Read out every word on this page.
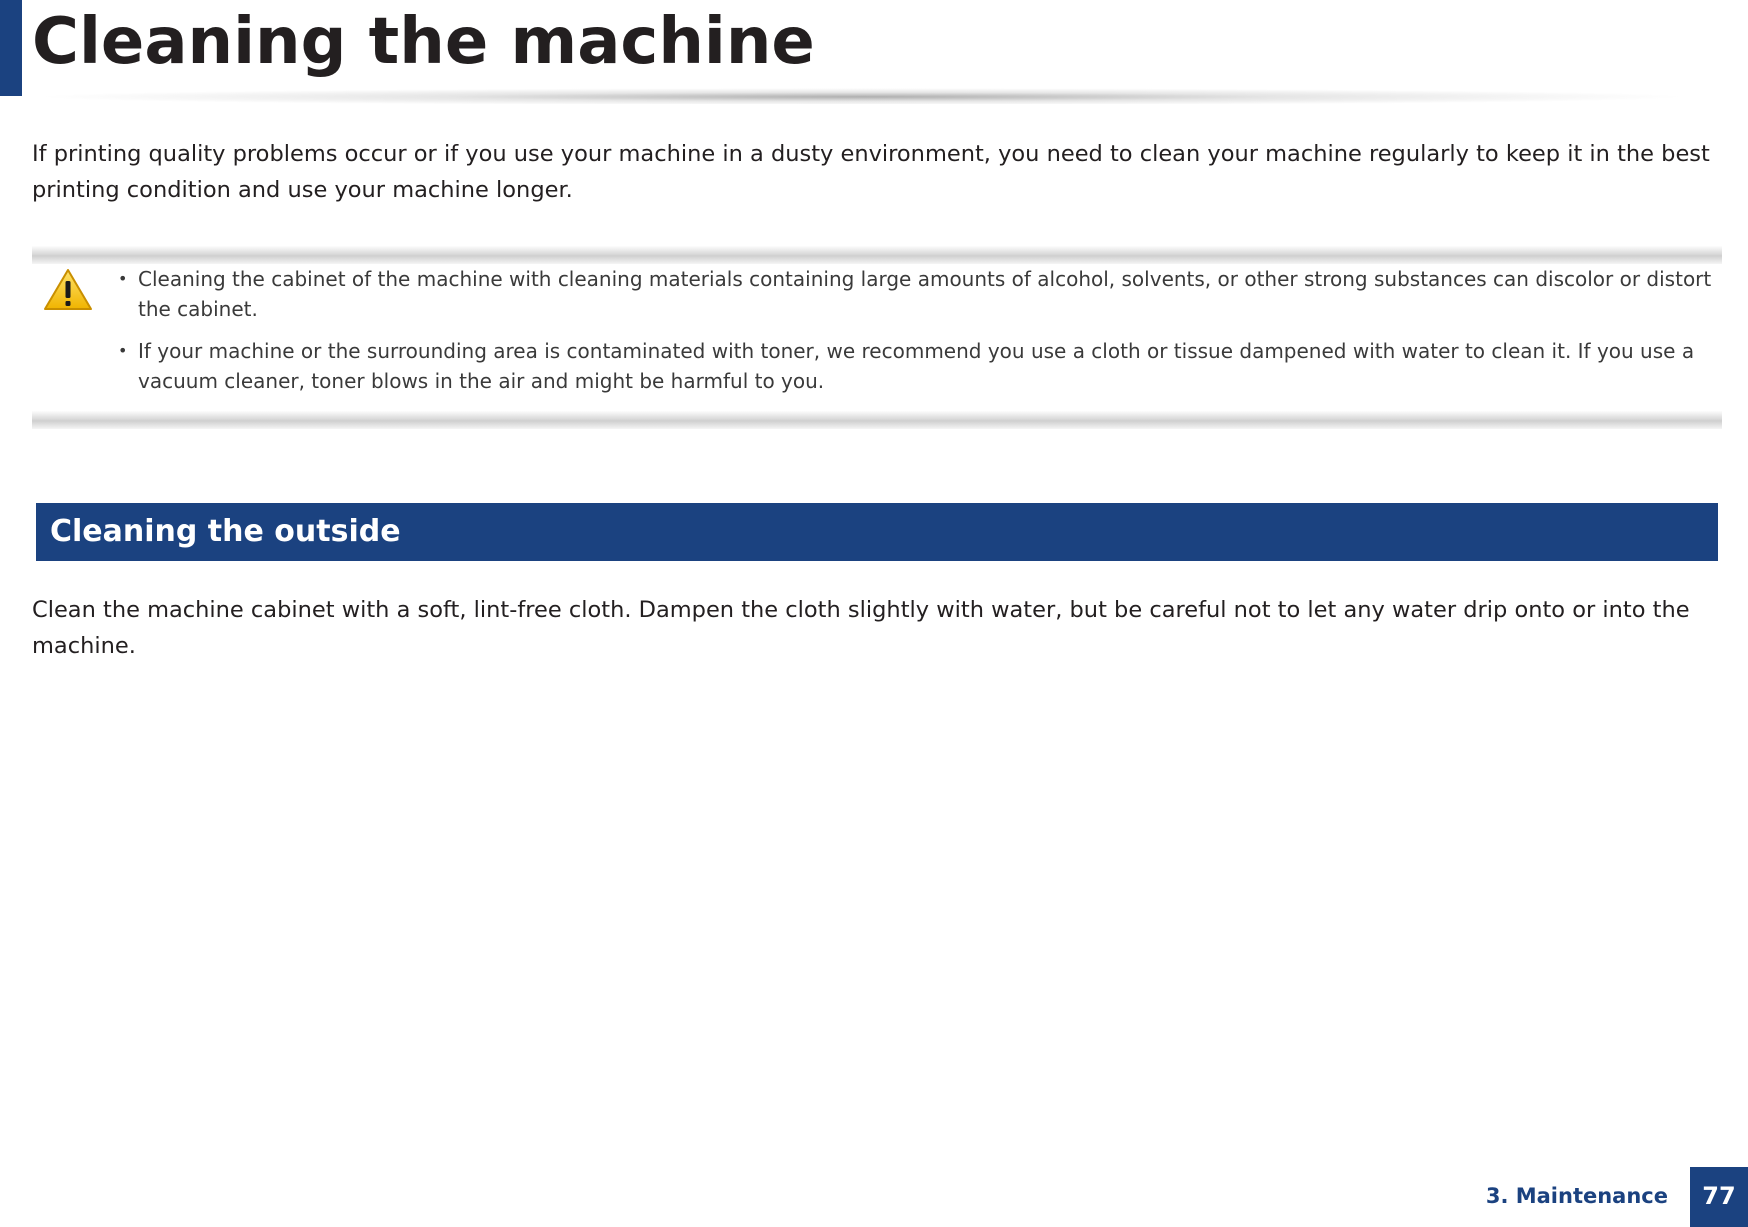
Cleaning the machine

If printing quality problems occur or if you use your machine in a dusty environment, you need to clean your machine regularly to keep it in the best printing condition and use your machine longer.

• Cleaning the cabinet of the machine with cleaning materials containing large amounts of alcohol, solvents, or other strong substances can discolor or distort the cabinet.
• If your machine or the surrounding area is contaminated with toner, we recommend you use a cloth or tissue dampened with water to clean it. If you use a vacuum cleaner, toner blows in the air and might be harmful to you.
Cleaning the outside

Clean the machine cabinet with a soft, lint-free cloth. Dampen the cloth slightly with water, but be careful not to let any water drip onto or into the machine.

3. Maintenance	77
